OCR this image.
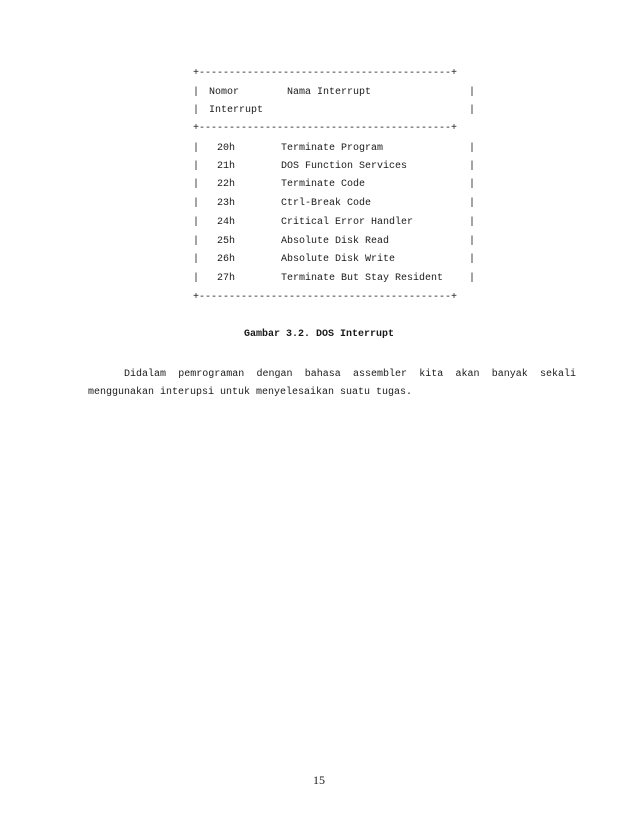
+------------------------------------------+
| Nomor	Nama Interrupt	|
| Interrupt	|
+------------------------------------------+
| 20h	Terminate Program	|
| 21h	DOS Function Services	|
| 22h	Terminate Code	|
| 23h	Ctrl-Break Code	|
| 24h	Critical Error Handler	|
| 25h	Absolute Disk Read	|
| 26h	Absolute Disk Write	|
| 27h	Terminate But Stay Resident	|
+------------------------------------------+
Gambar 3.2. DOS Interrupt
Didalam pemrograman dengan bahasa assembler kita akan banyak sekali
menggunakan interupsi untuk menyelesaikan suatu tugas.
15
